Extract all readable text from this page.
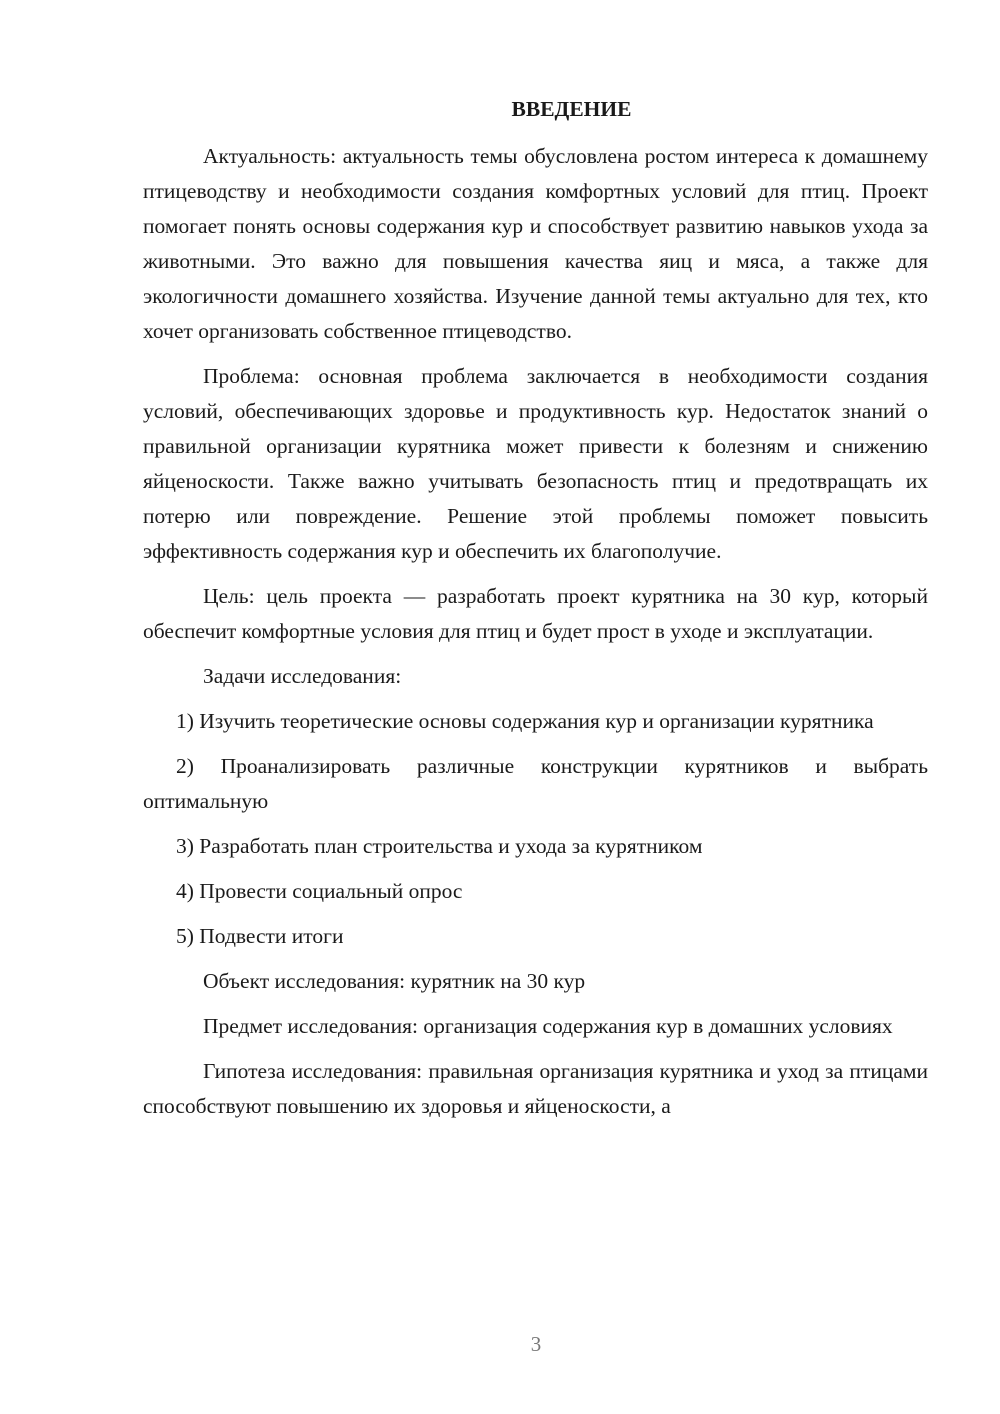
ВВЕДЕНИЕ

Актуальность: актуальность темы обусловлена ростом интереса к домашнему птицеводству и необходимости создания комфортных условий для птиц. Проект помогает понять основы содержания кур и способствует развитию навыков ухода за животными. Это важно для повышения качества яиц и мяса, а также для экологичности домашнего хозяйства. Изучение данной темы актуально для тех, кто хочет организовать собственное птицеводство.

Проблема: основная проблема заключается в необходимости создания условий, обеспечивающих здоровье и продуктивность кур. Недостаток знаний о правильной организации курятника может привести к болезням и снижению яйценоскости. Также важно учитывать безопасность птиц и предотвращать их потерю или повреждение. Решение этой проблемы поможет повысить эффективность содержания кур и обеспечить их благополучие.

Цель: цель проекта — разработать проект курятника на 30 кур, который обеспечит комфортные условия для птиц и будет прост в уходе и эксплуатации.

Задачи исследования:

1) Изучить теоретические основы содержания кур и организации курятника

2) Проанализировать различные конструкции курятников и выбрать оптимальную

3) Разработать план строительства и ухода за курятником

4) Провести социальный опрос

5) Подвести итоги

Объект исследования: курятник на 30 кур

Предмет исследования: организация содержания кур в домашних условиях

Гипотеза исследования: правильная организация курятника и уход за птицами способствуют повышению их здоровья и яйценоскости, а

3
